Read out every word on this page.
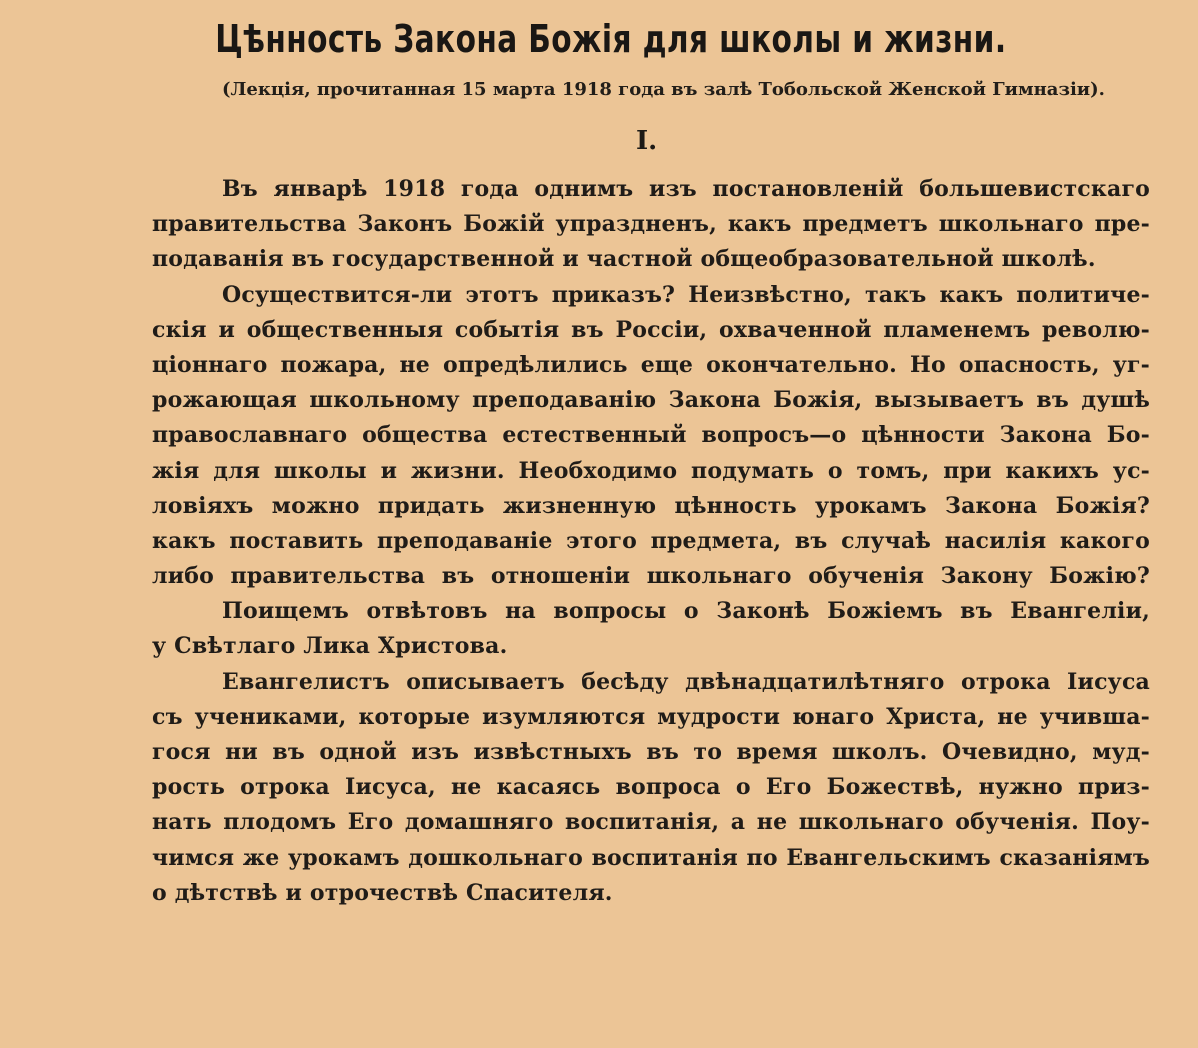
Цѣнность Закона Божія для школы и жизни.
(Лекція, прочитанная 15 марта 1918 года въ залѣ Тобольской Женской Гимназіи).
I.
Въ январѣ 1918 года однимъ изъ постановленій большевистскаго
правительства Законъ Божій упраздненъ, какъ предметъ школьнаго пре-
подаванія въ государственной и частной общеобразовательной школѣ.
Осуществится-ли этотъ приказъ? Неизвѣстно, такъ какъ политиче-
скія и общественныя событія въ Россіи, охваченной пламенемъ револю-
ціоннаго пожара, не опредѣлились еще окончательно. Но опасность, уг-
рожающая школьному преподаванію Закона Божія, вызываетъ въ душѣ
православнаго общества естественный вопросъ—о цѣнности Закона Бо-
жія для школы и жизни. Необходимо подумать о томъ, при какихъ ус-
ловіяхъ можно придать жизненную цѣнность урокамъ Закона Божія?
какъ поставить преподаваніе этого предмета, въ случаѣ насилія какого
либо правительства въ отношеніи школьнаго обученія Закону Божію?
Поищемъ отвѣтовъ на вопросы о Законѣ Божіемъ въ Евангеліи,
у Свѣтлаго Лика Христова.
Евангелистъ описываетъ бесѣду двѣнадцатилѣтняго отрока Іисуса
съ учениками, которые изумляются мудрости юнаго Христа, не учивша-
гося ни въ одной изъ извѣстныхъ въ то время школъ. Очевидно, муд-
рость отрока Іисуса, не касаясь вопроса о Его Божествѣ, нужно приз-
нать плодомъ Его домашняго воспитанія, а не школьнаго обученія. Поу-
чимся же урокамъ дошкольнаго воспитанія по Евангельскимъ сказаніямъ
о дѣтствѣ и отрочествѣ Спасителя.
